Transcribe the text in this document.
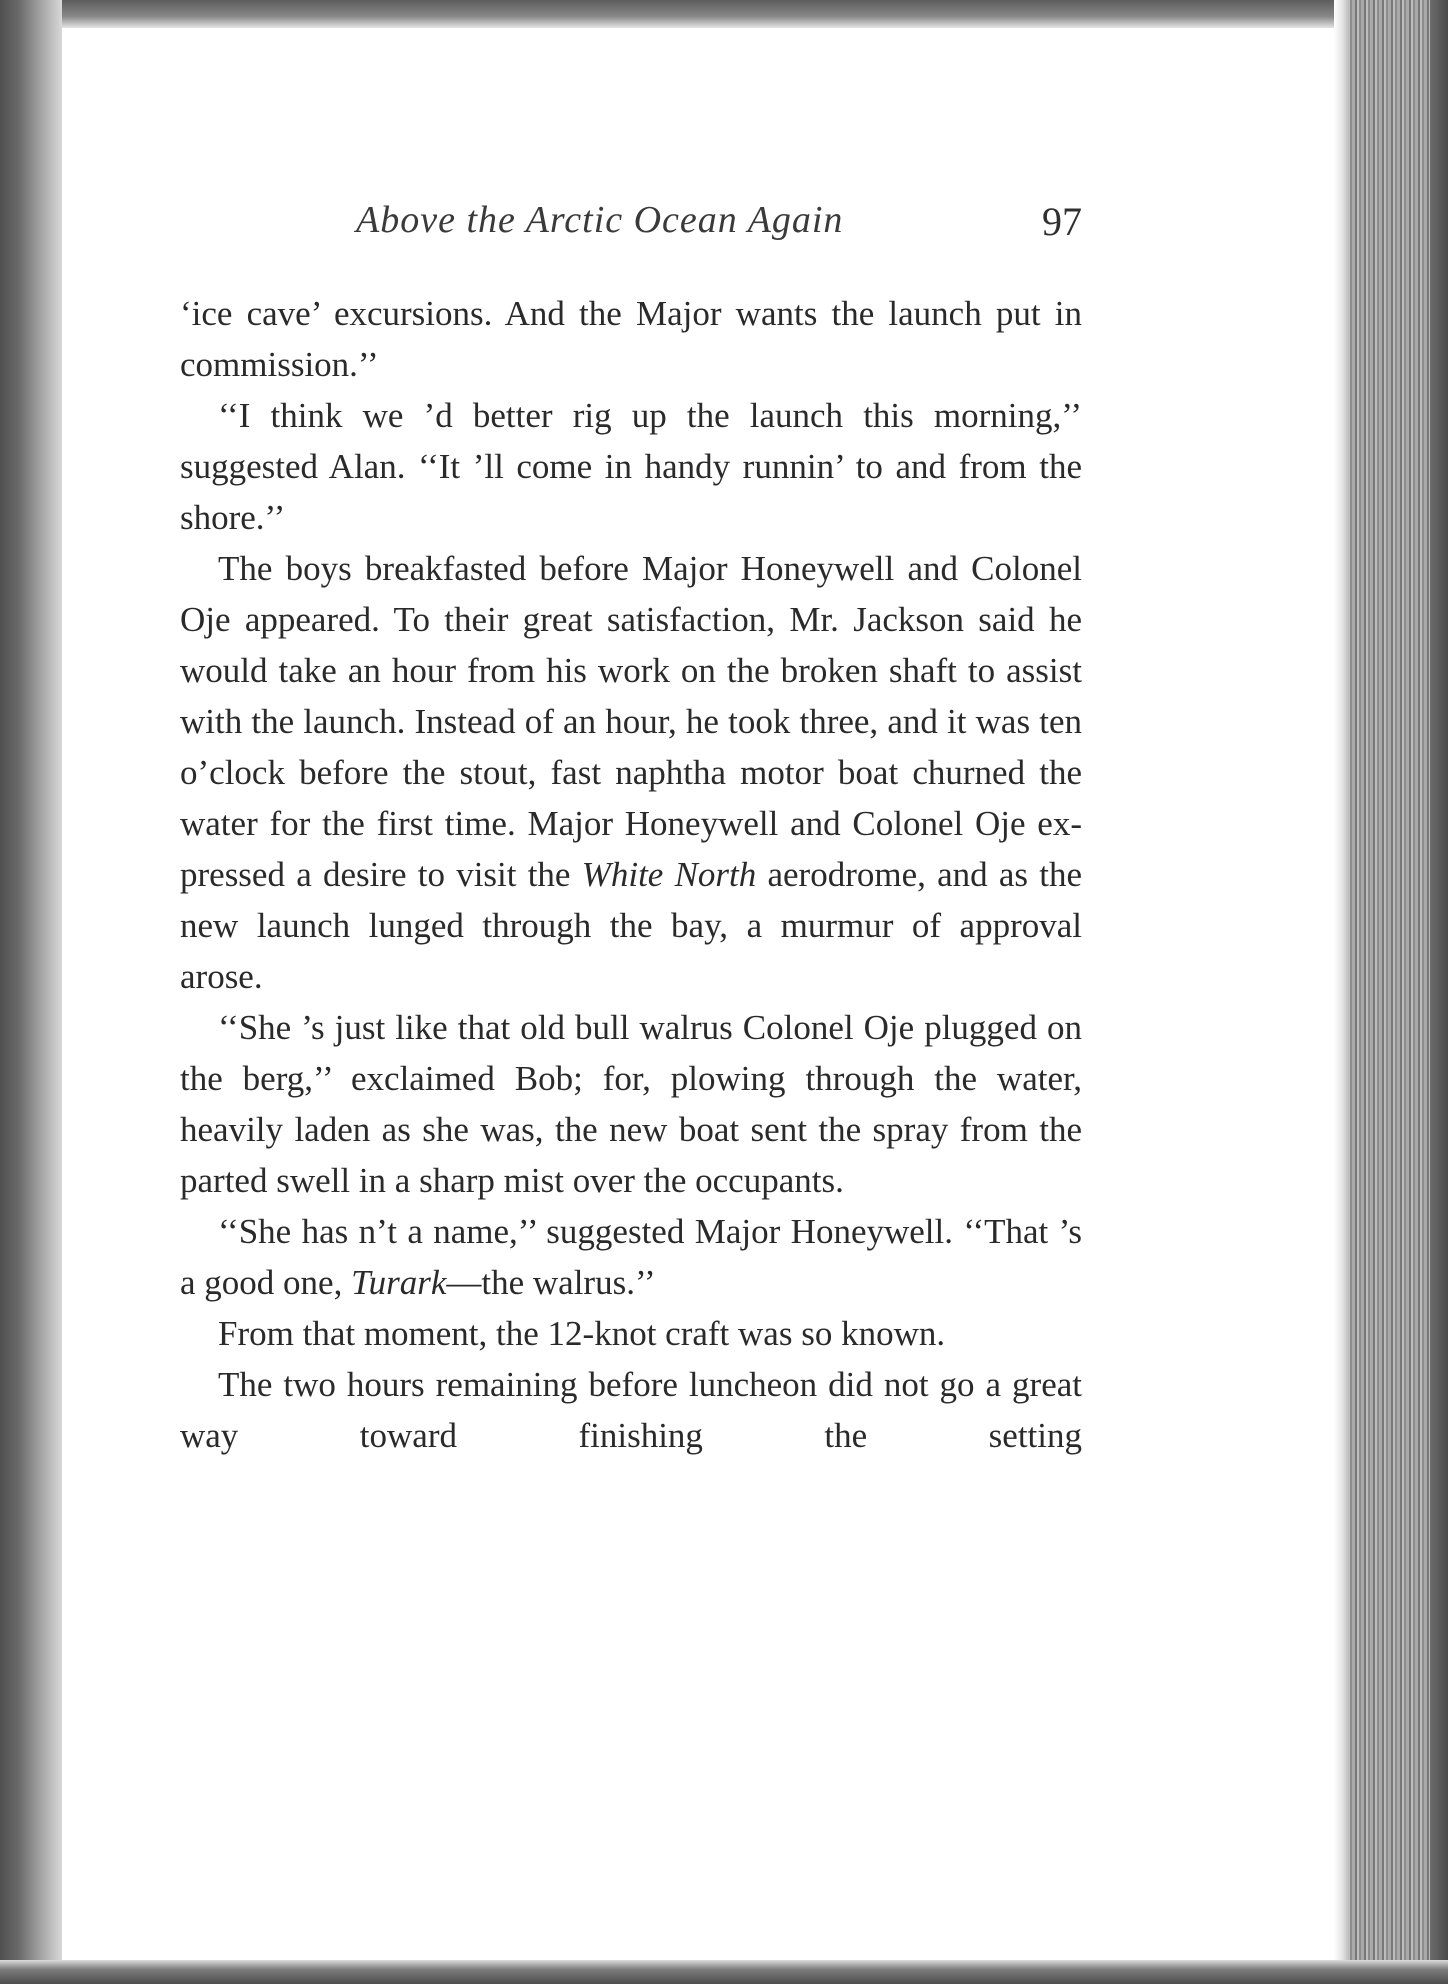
Above the Arctic Ocean Again	97

‘ice cave’ excursions. And the Major wants the launch put in commission.’’

‘‘I think we ’d better rig up the launch this morning,’’ suggested Alan. ‘‘It ’ll come in handy runnin’ to and from the shore.’’

The boys breakfasted before Major Honeywell and Colonel Oje appeared. To their great satisfaction, Mr. Jackson said he would take an hour from his work on the broken shaft to assist with the launch. Instead of an hour, he took three, and it was ten o’clock before the stout, fast naphtha motor boat churned the water for the first time. Major Honeywell and Colonel Oje expressed a desire to visit the White North aerodrome, and as the new launch lunged through the bay, a murmur of approval arose.

‘‘She ’s just like that old bull walrus Colonel Oje plugged on the berg,’’ exclaimed Bob; for, plowing through the water, heavily laden as she was, the new boat sent the spray from the parted swell in a sharp mist over the occupants.

‘‘She has n’t a name,’’ suggested Major Honeywell. ‘‘That ’s a good one, Turark—the walrus.’’

From that moment, the 12-knot craft was so known.

The two hours remaining before luncheon did not go a great way toward finishing the setting
